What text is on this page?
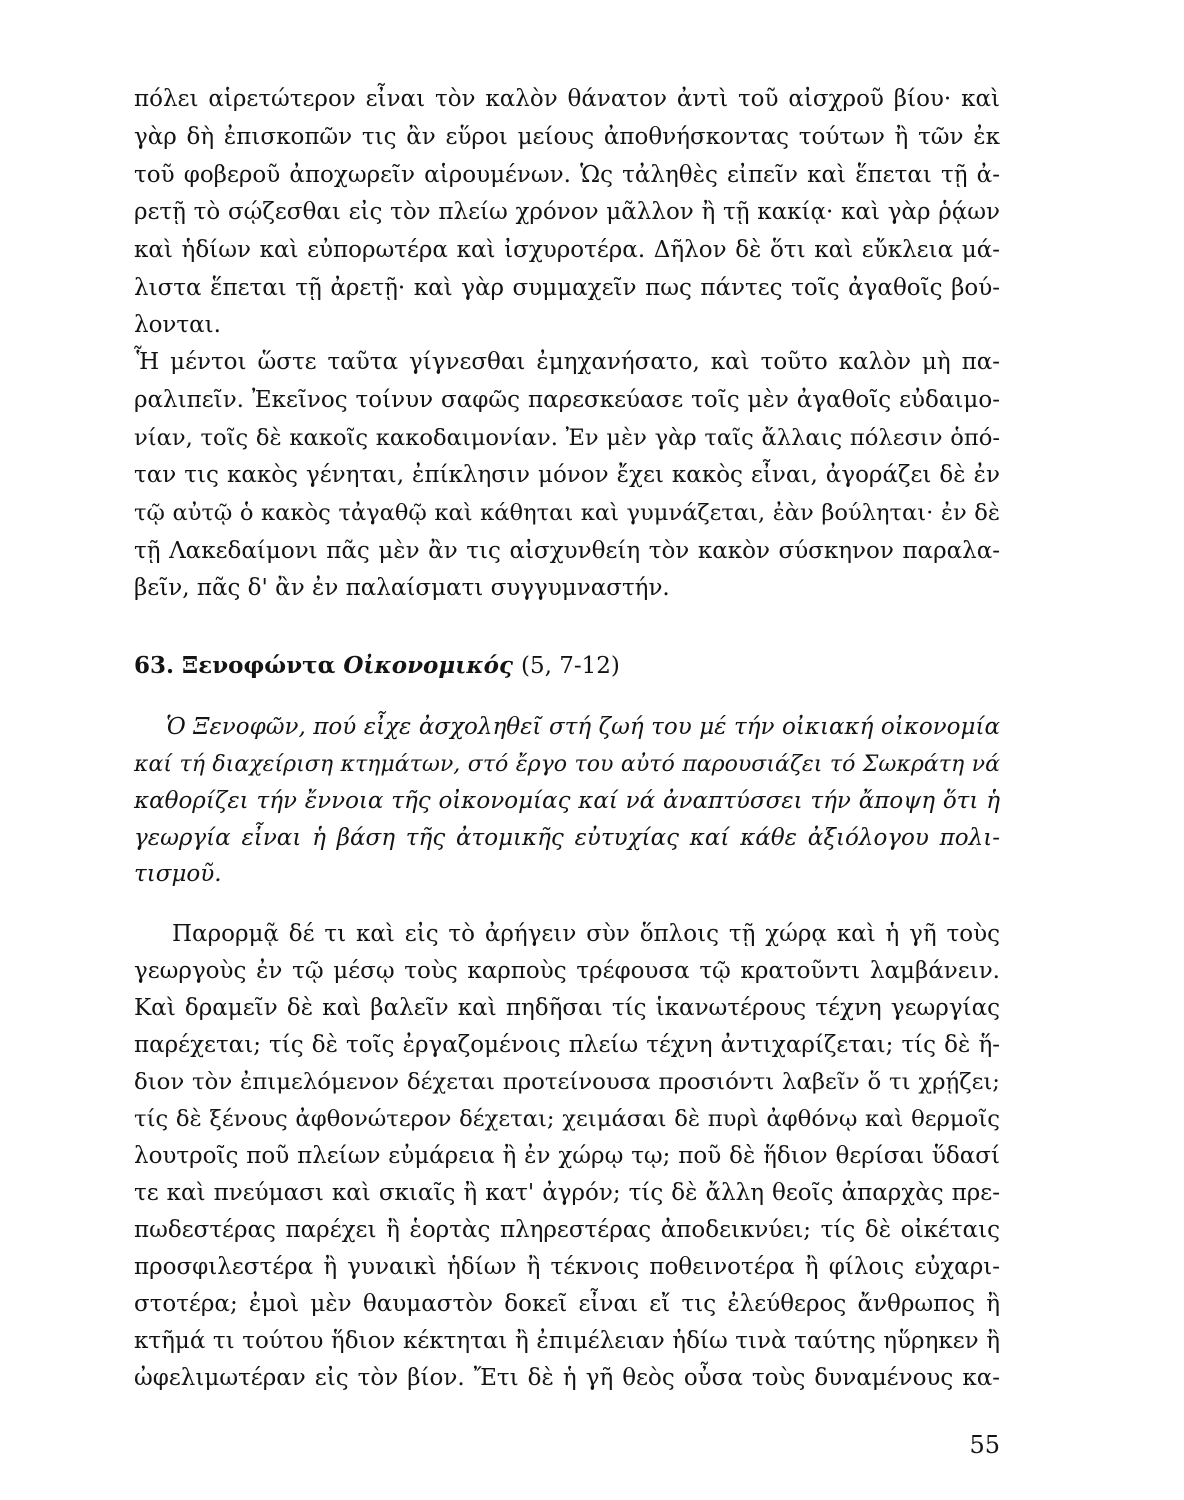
πόλει αἱρετώτερον εἶναι τὸν καλὸν θάνατον ἀντὶ τοῦ αἰσχροῦ βίου· καὶ
γὰρ δὴ ἐπισκοπῶν τις ἂν εὕροι μείους ἀποθνήσκοντας τούτων ἢ τῶν ἐκ
τοῦ φοβεροῦ ἀποχωρεῖν αἱρουμένων. Ὡς τἀληθὲς εἰπεῖν καὶ ἕπεται τῇ ἀ-
ρετῇ τὸ σῴζεσθαι εἰς τὸν πλείω χρόνον μᾶλλον ἢ τῇ κακίᾳ· καὶ γὰρ ῥᾴων
καὶ ἡδίων καὶ εὐπορωτέρα καὶ ἰσχυροτέρα. Δῆλον δὲ ὅτι καὶ εὔκλεια μά-
λιστα ἕπεται τῇ ἀρετῇ· καὶ γὰρ συμμαχεῖν πως πάντες τοῖς ἀγαθοῖς βού-
λονται.
Ἧ μέντοι ὥστε ταῦτα γίγνεσθαι ἐμηχανήσατο, καὶ τοῦτο καλὸν μὴ πα-
ραλιπεῖν. Ἐκεῖνος τοίνυν σαφῶς παρεσκεύασε τοῖς μὲν ἀγαθοῖς εὐδαιμο-
νίαν, τοῖς δὲ κακοῖς κακοδαιμονίαν. Ἐν μὲν γὰρ ταῖς ἄλλαις πόλεσιν ὁπό-
ταν τις κακὸς γένηται, ἐπίκλησιν μόνον ἔχει κακὸς εἶναι, ἀγοράζει δὲ ἐν
τῷ αὐτῷ ὁ κακὸς τἀγαθῷ καὶ κάθηται καὶ γυμνάζεται, ἐὰν βούληται· ἐν δὲ
τῇ Λακεδαίμονι πᾶς μὲν ἂν τις αἰσχυνθείη τὸν κακὸν σύσκηνον παραλα-
βεῖν, πᾶς δ' ἂν ἐν παλαίσματι συγγυμναστήν.
63. Ξενοφώντα Οἰκονομικός (5, 7-12)
Ὁ Ξενοφῶν, πού εἶχε ἀσχοληθεῖ στή ζωή του μέ τήν οἰκιακή οἰκονομία
καί τή διαχείριση κτημάτων, στό ἔργο του αὐτό παρουσιάζει τό Σωκράτη νά
καθορίζει τήν ἔννοια τῆς οἰκονομίας καί νά ἀναπτύσσει τήν ἄποψη ὅτι ἡ
γεωργία εἶναι ἡ βάση τῆς ἀτομικῆς εὐτυχίας καί κάθε ἀξιόλογου πολι-
τισμοῦ.
Παρορμᾷ δέ τι καὶ εἰς τὸ ἀρήγειν σὺν ὅπλοις τῇ χώρᾳ καὶ ἡ γῆ τοὺς
γεωργοὺς ἐν τῷ μέσῳ τοὺς καρποὺς τρέφουσα τῷ κρατοῦντι λαμβάνειν.
Καὶ δραμεῖν δὲ καὶ βαλεῖν καὶ πηδῆσαι τίς ἱκανωτέρους τέχνη γεωργίας
παρέχεται; τίς δὲ τοῖς ἐργαζομένοις πλείω τέχνη ἀντιχαρίζεται; τίς δὲ ἥ-
διον τὸν ἐπιμελόμενον δέχεται προτείνουσα προσιόντι λαβεῖν ὅ τι χρῄζει;
τίς δὲ ξένους ἀφθονώτερον δέχεται; χειμάσαι δὲ πυρὶ ἀφθόνῳ καὶ θερμοῖς
λουτροῖς ποῦ πλείων εὐμάρεια ἢ ἐν χώρῳ τῳ; ποῦ δὲ ἥδιον θερίσαι ὕδασί
τε καὶ πνεύμασι καὶ σκιαῖς ἢ κατ' ἀγρόν; τίς δὲ ἄλλη θεοῖς ἀπαρχὰς πρε-
πωδεστέρας παρέχει ἢ ἑορτὰς πληρεστέρας ἀποδεικνύει; τίς δὲ οἰκέταις
προσφιλεστέρα ἢ γυναικὶ ἡδίων ἢ τέκνοις ποθεινοτέρα ἢ φίλοις εὐχαρι-
στοτέρα; ἐμοὶ μὲν θαυμαστὸν δοκεῖ εἶναι εἴ τις ἐλεύθερος ἄνθρωπος ἢ
κτῆμά τι τούτου ἥδιον κέκτηται ἢ ἐπιμέλειαν ἡδίω τινὰ ταύτης ηὕρηκεν ἢ
ὠφελιμωτέραν εἰς τὸν βίον. Ἔτι δὲ ἡ γῆ θεὸς οὖσα τοὺς δυναμένους κα-
55
